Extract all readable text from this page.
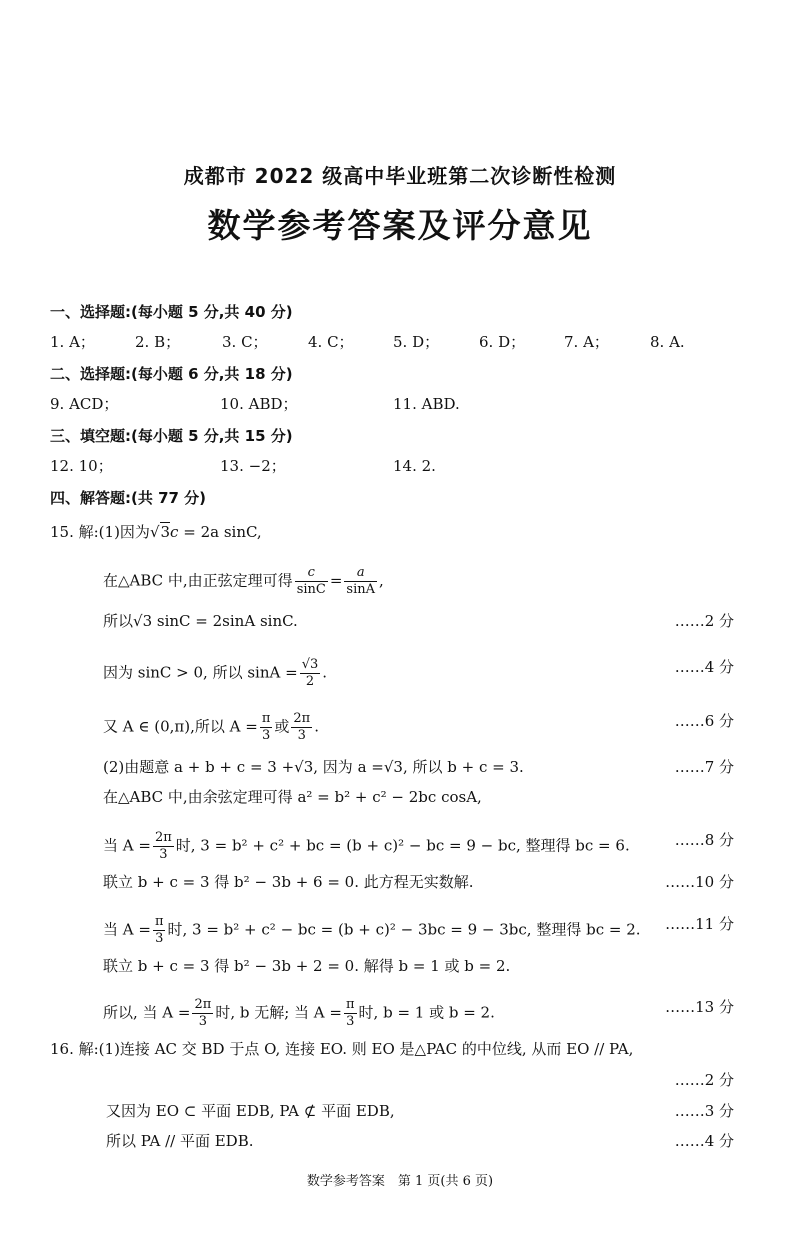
成都市 2022 级高中毕业班第二次诊断性检测
数学参考答案及评分意见
一、选择题:(每小题 5 分,共 40 分)
1. A；	2. B；	3. C；	4. C；	5. D；	6. D；	7. A；	8. A.
二、选择题:(每小题 6 分,共 18 分)
9. ACD；	10. ABD；	11. ABD.
三、填空题:(每小题 5 分,共 15 分)
12. 10；	13. −2；	14. 2.
四、解答题:(共 77 分)
15. 解:(1)因为√3c = 2a sinC,
在△ABC 中,由正弦定理可得 $\frac{c}{\sin C} = \frac{a}{\sin A}$ ,
所以√3 sinC = 2sinA sinC.	……2 分
因为 sinC > 0, 所以 $\sin A = \frac{√3}{2}$ .	……4 分
又 A ∈ (0,π),所以 $A = \frac{\pi}{3}$ 或 $\frac{2\pi}{3}$ .	……6 分
(2)由题意 a + b + c = 3 +√3, 因为 a =√3, 所以 b + c = 3.	……7 分
在△ABC 中,由余弦定理可得 a² = b² + c² − 2bc cosA,
当 $A = \frac{2\pi}{3}$ 时, 3 = b² + c² + bc = (b + c)² − bc = 9 − bc, 整理得 bc = 6.	……8 分
联立 b + c = 3 得 b² − 3b + 6 = 0. 此方程无实数解.	……10 分
当 $A = \frac{\pi}{3}$ 时, 3 = b² + c² − bc = (b + c)² − 3bc = 9 − 3bc, 整理得 bc = 2. ……11 分
联立 b + c = 3 得 b² − 3b + 2 = 0. 解得 b = 1 或 b = 2.
所以, 当 $A = \frac{2\pi}{3}$ 时, b 无解; 当 $A = \frac{\pi}{3}$ 时, b = 1 或 b = 2.	……13 分
16. 解:(1)连接 AC 交 BD 于点 O, 连接 EO. 则 EO 是△PAC 的中位线, 从而 EO // PA,
……2 分
又因为 EO ⊂ 平面 EDB, PA ⊄ 平面 EDB,	……3 分
所以 PA // 平面 EDB.	……4 分
数学参考答案　第 1 页(共 6 页)
